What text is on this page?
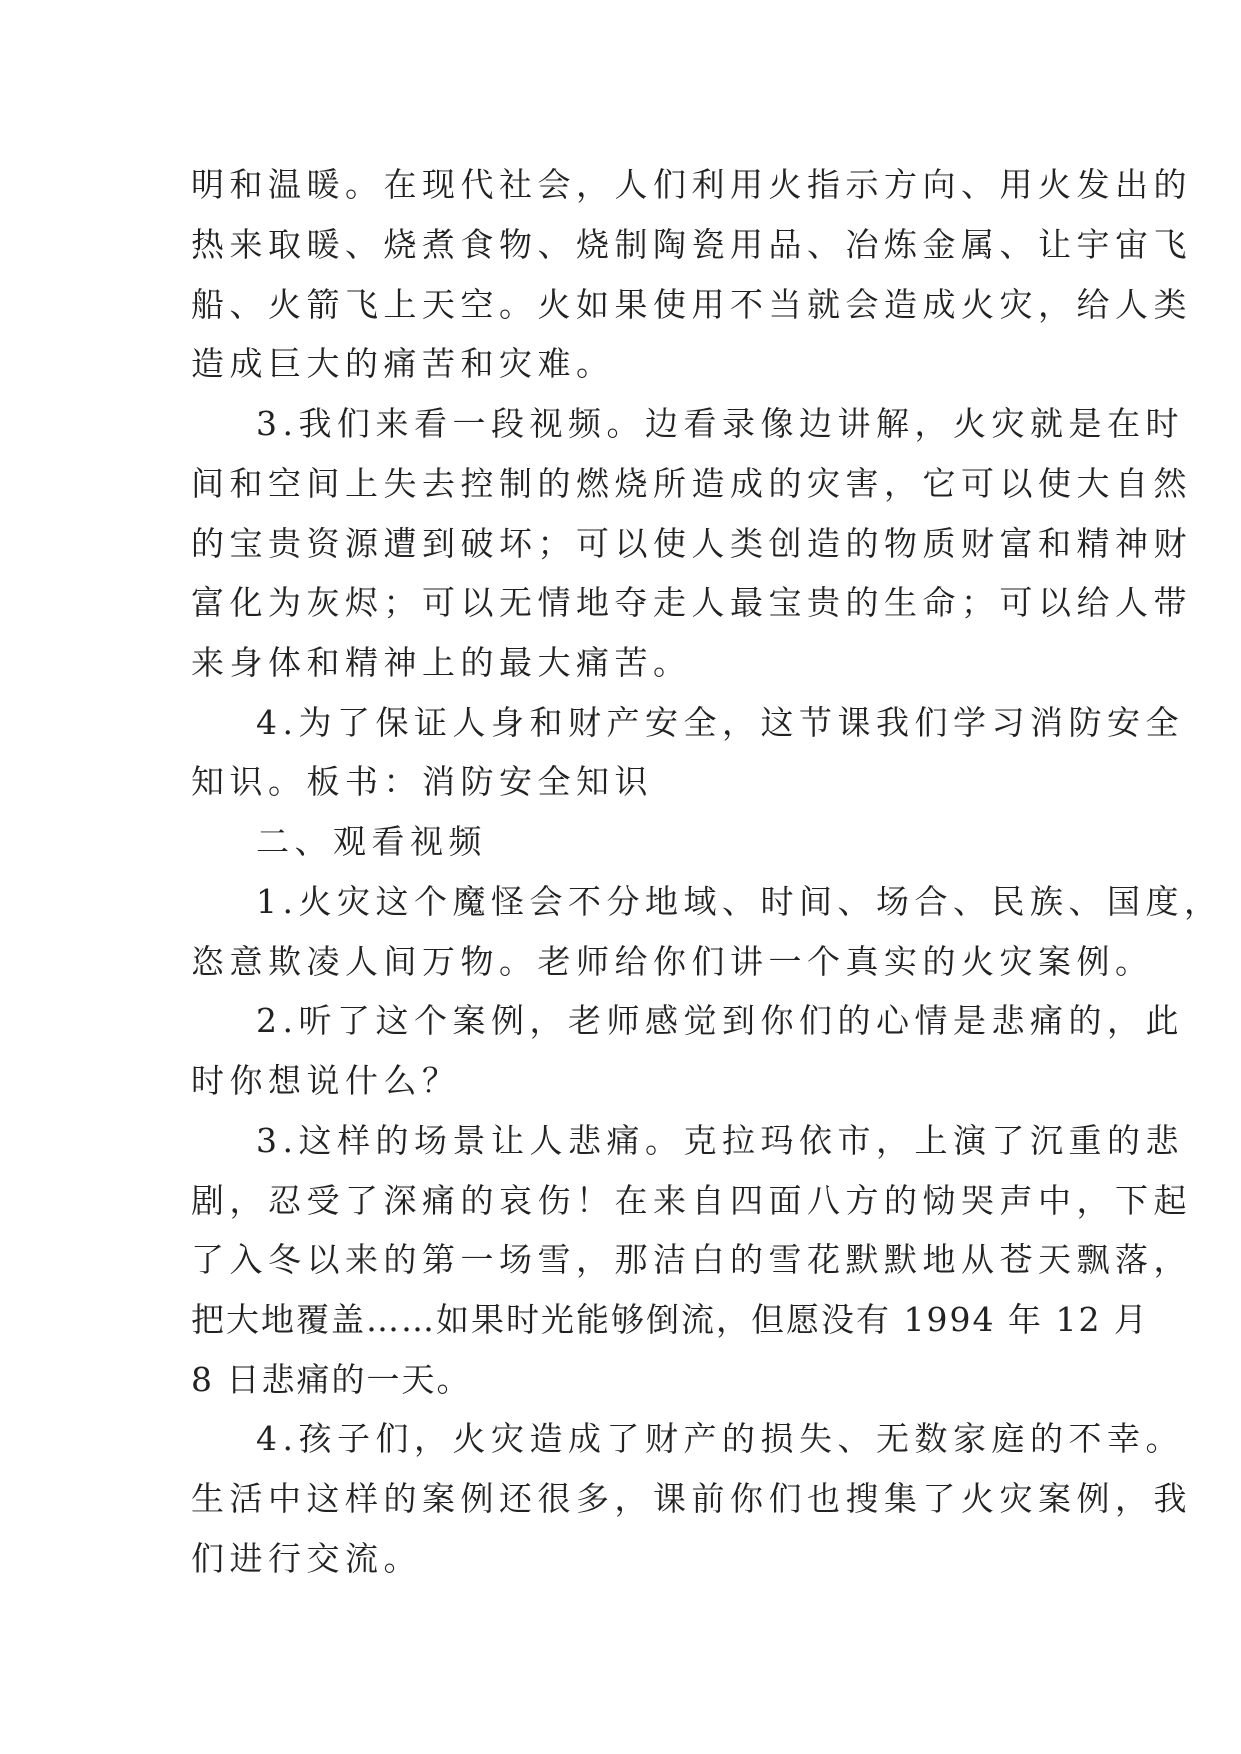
明和温暖。在现代社会，人们利用火指示方向、用火发出的
热来取暖、烧煮食物、烧制陶瓷用品、冶炼金属、让宇宙飞
船、火箭飞上天空。火如果使用不当就会造成火灾，给人类
造成巨大的痛苦和灾难。
3.我们来看一段视频。边看录像边讲解，火灾就是在时
间和空间上失去控制的燃烧所造成的灾害，它可以使大自然
的宝贵资源遭到破坏；可以使人类创造的物质财富和精神财
富化为灰烬；可以无情地夺走人最宝贵的生命；可以给人带
来身体和精神上的最大痛苦。
4.为了保证人身和财产安全，这节课我们学习消防安全
知识。板书：消防安全知识
二、观看视频
1.火灾这个魔怪会不分地域、时间、场合、民族、国度，
恣意欺凌人间万物。老师给你们讲一个真实的火灾案例。
2.听了这个案例，老师感觉到你们的心情是悲痛的，此
时你想说什么？
3.这样的场景让人悲痛。克拉玛依市，上演了沉重的悲
剧，忍受了深痛的哀伤！在来自四面八方的恸哭声中，下起
了入冬以来的第一场雪，那洁白的雪花默默地从苍天飘落，
把大地覆盖……如果时光能够倒流，但愿没有 1994 年 12 月
8 日悲痛的一天。
4.孩子们，火灾造成了财产的损失、无数家庭的不幸。
生活中这样的案例还很多，课前你们也搜集了火灾案例，我
们进行交流。
